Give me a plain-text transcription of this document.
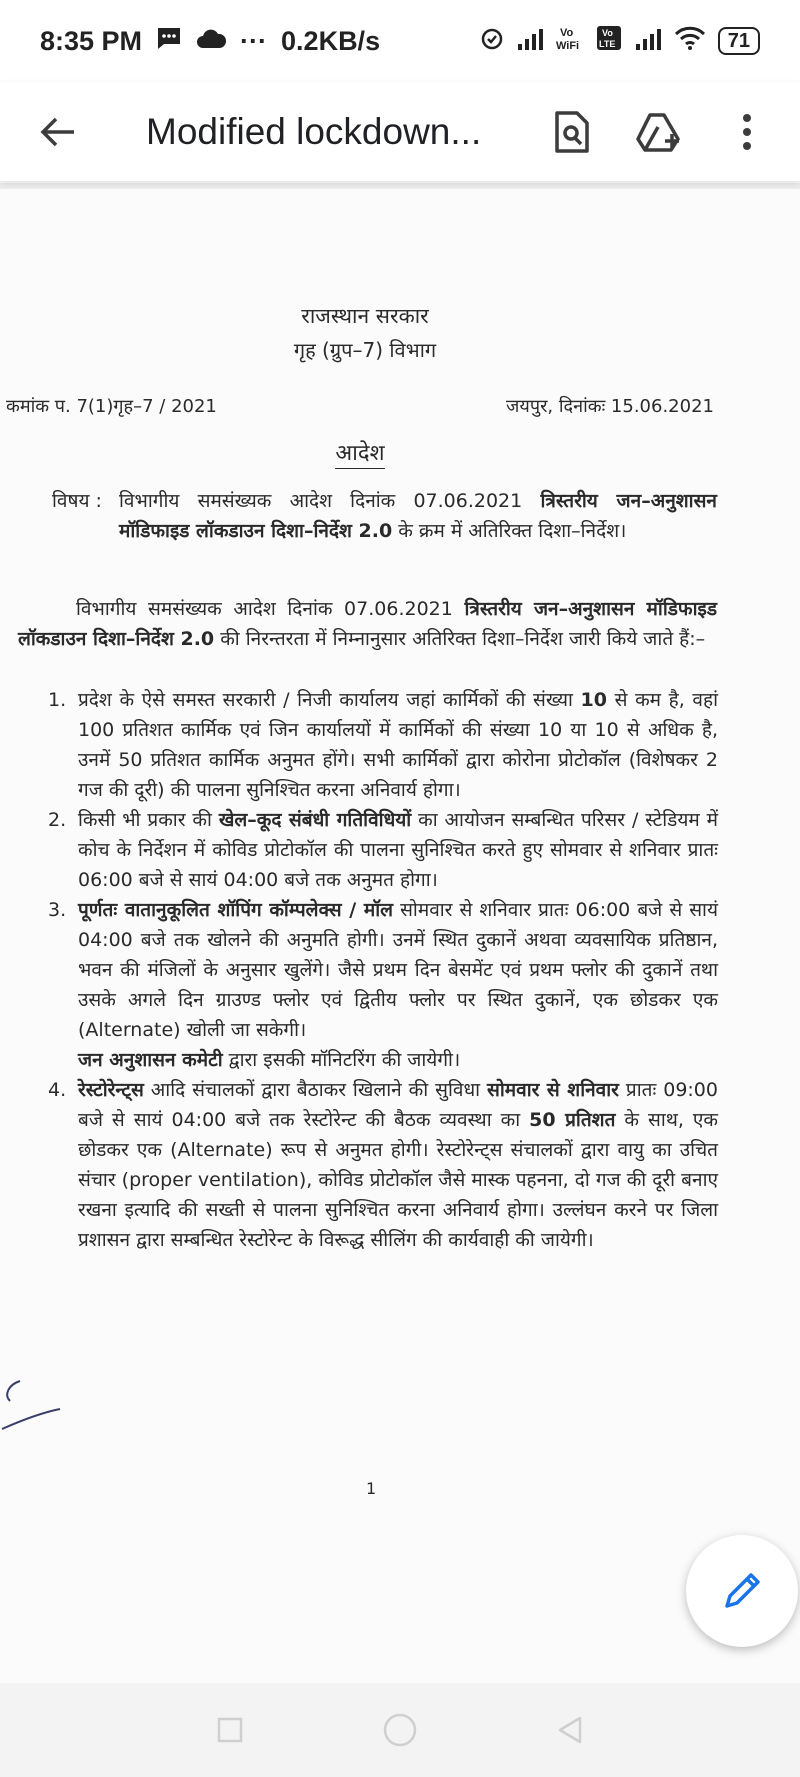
8:35 PM	··· 0.2KB/s	Vo
WiFi
Vo
LTE	71
Modified lockdown...
राजस्थान सरकार
गृह (ग्रुप–7) विभाग
कमांक प. 7(1)गृह–7 / 2021	जयपुर, दिनांकः 15.06.2021
आदेश
विषय : विभागीय समसंख्यक आदेश दिनांक 07.06.2021 त्रिस्तरीय जन–अनुशासन मॉडिफाइड लॉकडाउन दिशा–निर्देश 2.0 के क्रम में अतिरिक्त दिशा–निर्देश।
विभागीय समसंख्यक आदेश दिनांक 07.06.2021 त्रिस्तरीय जन–अनुशासन मॉडिफाइड लॉकडाउन दिशा–निर्देश 2.0 की निरन्तरता में निम्नानुसार अतिरिक्त दिशा–निर्देश जारी किये जाते हैं:–
1. प्रदेश के ऐसे समस्त सरकारी / निजी कार्यालय जहां कार्मिकों की संख्या 10 से कम है, वहां 100 प्रतिशत कार्मिक एवं जिन कार्यालयों में कार्मिकों की संख्या 10 या 10 से अधिक है, उनमें 50 प्रतिशत कार्मिक अनुमत होंगे। सभी कार्मिकों द्वारा कोरोना प्रोटोकॉल (विशेषकर 2 गज की दूरी) की पालना सुनिश्चित करना अनिवार्य होगा।
2. किसी भी प्रकार की खेल–कूद संबंधी गतिविधियों का आयोजन सम्बन्धित परिसर / स्टेडियम में कोच के निर्देशन में कोविड प्रोटोकॉल की पालना सुनिश्चित करते हुए सोमवार से शनिवार प्रातः 06:00 बजे से सायं 04:00 बजे तक अनुमत होगा।
3. पूर्णतः वातानुकूलित शॉपिंग कॉम्पलेक्स / मॉल सोमवार से शनिवार प्रातः 06:00 बजे से सायं 04:00 बजे तक खोलने की अनुमति होगी। उनमें स्थित दुकानें अथवा व्यवसायिक प्रतिष्ठान, भवन की मंजिलों के अनुसार खुलेंगे। जैसे प्रथम दिन बेसमेंट एवं प्रथम फ्लोर की दुकानें तथा उसके अगले दिन ग्राउण्ड फ्लोर एवं द्वितीय फ्लोर पर स्थित दुकानें, एक छोडकर एक (Alternate) खोली जा सकेगी।
जन अनुशासन कमेटी द्वारा इसकी मॉनिटरिंग की जायेगी।
4. रेस्टोरेन्ट्स आदि संचालकों द्वारा बैठाकर खिलाने की सुविधा सोमवार से शनिवार प्रातः 09:00 बजे से सायं 04:00 बजे तक रेस्टोरेन्ट की बैठक व्यवस्था का 50 प्रतिशत के साथ, एक छोडकर एक (Alternate) रूप से अनुमत होगी। रेस्टोरेन्ट्स संचालकों द्वारा वायु का उचित संचार (proper ventilation), कोविड प्रोटोकॉल जैसे मास्क पहनना, दो गज की दूरी बनाए रखना इत्यादि की सख्ती से पालना सुनिश्चित करना अनिवार्य होगा। उल्लंघन करने पर जिला प्रशासन द्वारा सम्बन्धित रेस्टोरेन्ट के विरूद्ध सीलिंग की कार्यवाही की जायेगी।
1
